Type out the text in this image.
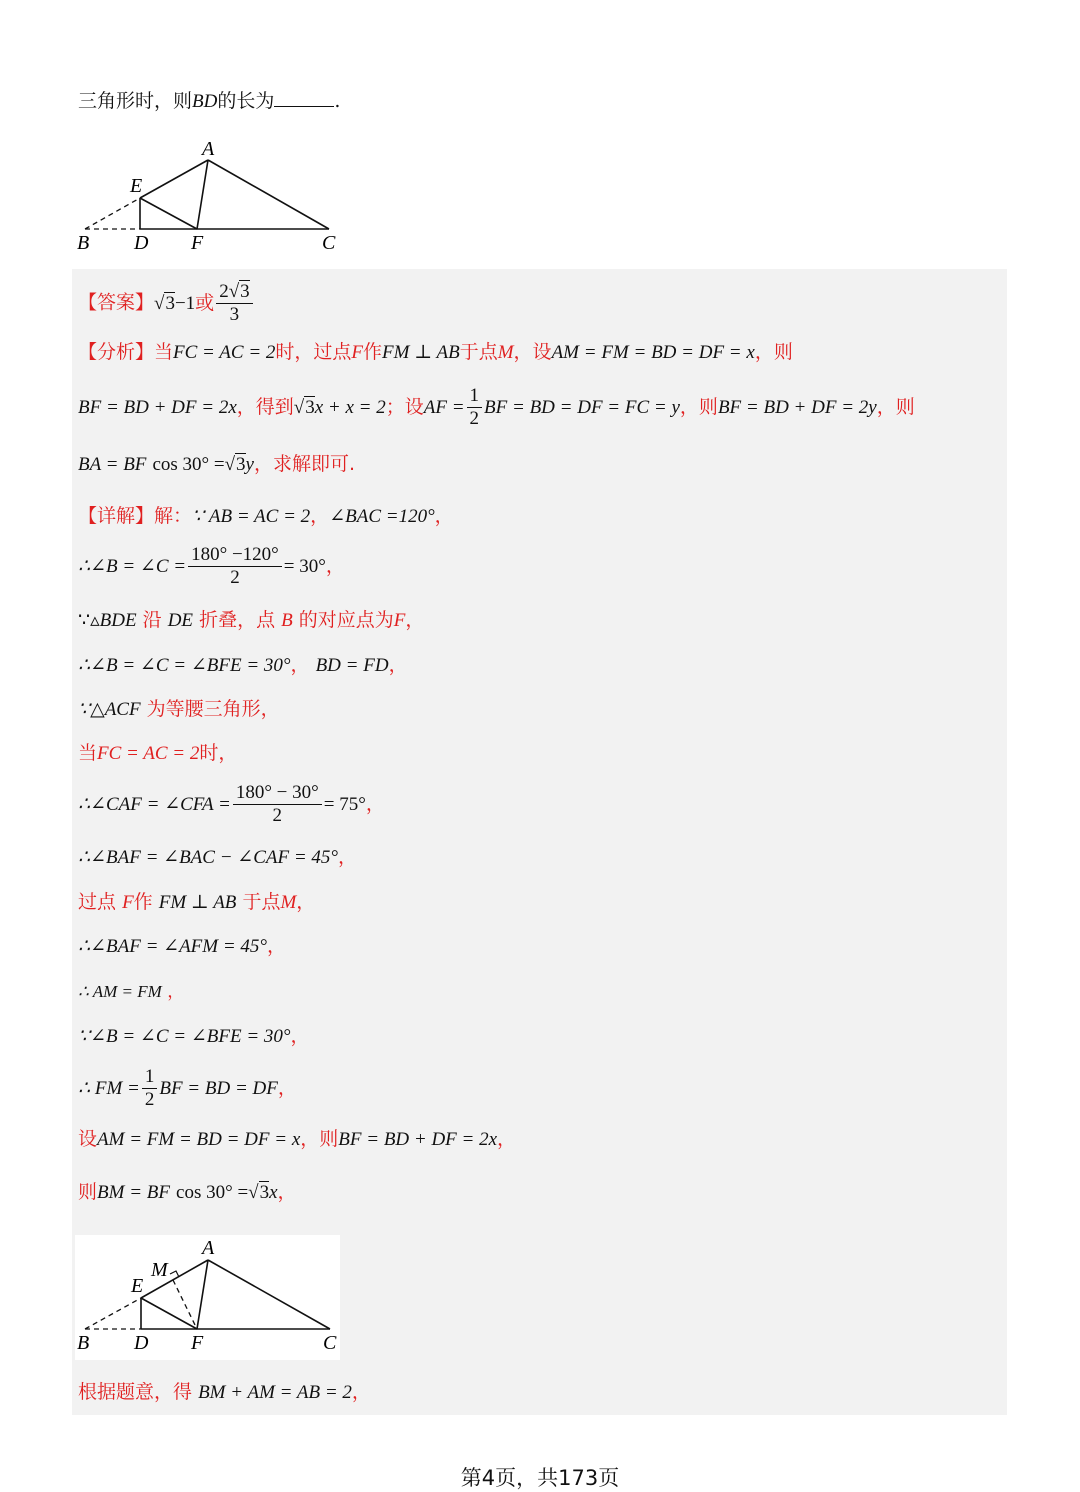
三角形时，则BD的长为	.
A
E
B D F	C
【答案】√3−1或 $\frac{2√3}{3}$
【分析】当FC = AC = 2时，过点F作FM ⊥ AB于点M，设AM = FM = BD = DF = x，则
BF = BD + DF = 2x，得到√3x + x = 2；设AF = $\frac{1}{2}$ BF = BD = DF = FC = y，则BF = BD + DF = 2y，则
BA = BF cos 30° =√3y，求解即可.
【详解】解：∵ AB = AC = 2，∠BAC =120°，
∴∠B = ∠C = $\frac{180^\circ -120^\circ}{2} = 30^\circ$，
∵▵BDE 沿 DE 折叠，点 B 的对应点为F，
∴∠B = ∠C = ∠BFE = 30°， BD = FD，
∵△ACF 为等腰三角形，
当FC = AC = 2时，
∴∠CAF = ∠CFA = $\frac{180^\circ - 30^\circ}{2} = 75^\circ$，
∴∠BAF = ∠BAC − ∠CAF = 45°，
过点 F作 FM ⊥ AB 于点M，
∴∠BAF = ∠AFM = 45°，
∴ AM = FM ，
∵∠B = ∠C = ∠BFE = 30°，
∴ FM = $\frac{1}{2}$ BF = BD = DF，
设AM = FM = BD = DF = x，则BF = BD + DF = 2x，
则BM = BF cos 30° =√3x，
A
M
E
B D F	C
根据题意，得 BM + AM = AB = 2，
第4页，共173页
